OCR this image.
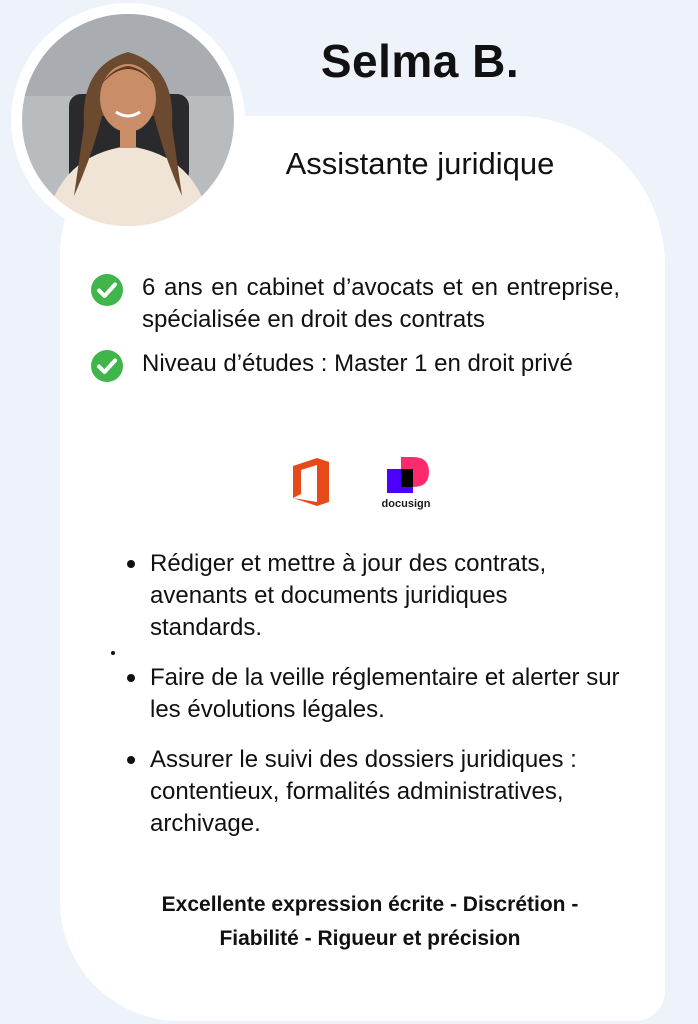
Selma B.
Assistante juridique
6 ans en cabinet d’avocats et en entreprise, spécialisée en droit des contrats
Niveau d’études : Master 1 en droit privé
docusign
Rédiger et mettre à jour des contrats, avenants et documents juridiques standards.
Faire de la veille réglementaire et alerter sur les évolutions légales.
Assurer le suivi des dossiers juridiques : contentieux, formalités administratives, archivage.
Excellente expression écrite - Discrétion -
Fiabilité - Rigueur et précision
